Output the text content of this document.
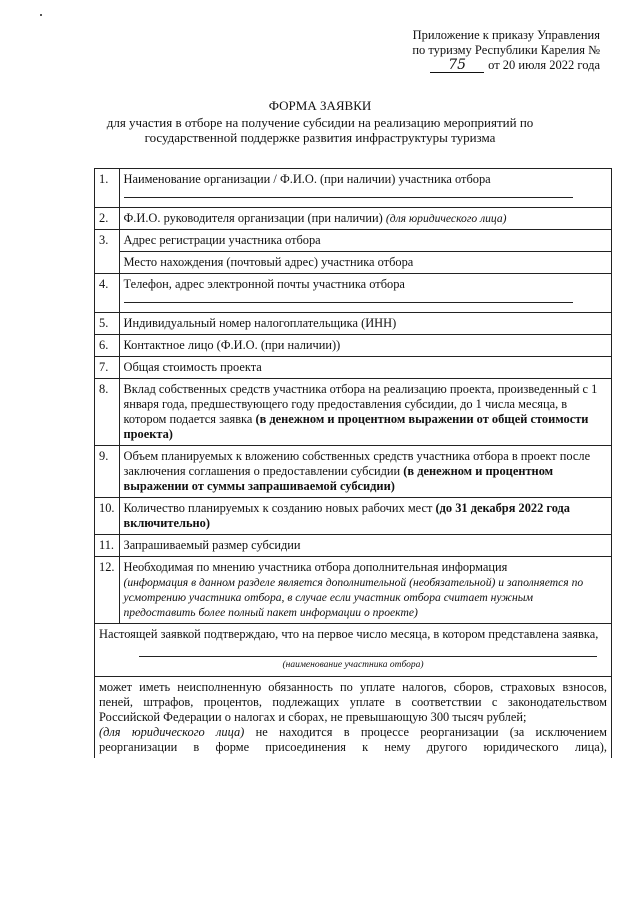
Приложение к приказу Управления
по туризму Республики Карелия №
75 от 20 июля 2022 года
ФОРМА ЗАЯВКИ
для участия в отборе на получение субсидии на реализацию мероприятий по государственной поддержке развития инфраструктуры туризма
1.	Наименование организации / Ф.И.О. (при наличии) участника отбора

2.	Ф.И.О. руководителя организации (при наличии) (для юридического лица)
3.	Адрес регистрации участника отбора
	Место нахождения (почтовый адрес) участника отбора
4.	Телефон, адрес электронной почты участника отбора

5.	Индивидуальный номер налогоплательщика (ИНН)
6.	Контактное лицо (Ф.И.О. (при наличии))
7.	Общая стоимость проекта
8.	Вклад собственных средств участника отбора на реализацию проекта, произведенный с 1 января года, предшествующего году предоставления субсидии, до 1 числа месяца, в котором подается заявка (в денежном и процентном выражении от общей стоимости проекта)
9.	Объем планируемых к вложению собственных средств участника отбора в проект после заключения соглашения о предоставлении субсидии (в денежном и процентном выражении от суммы запрашиваемой субсидии)
10.	Количество планируемых к созданию новых рабочих мест (до 31 декабря 2022 года включительно)
11.	Запрашиваемый размер субсидии
12.	Необходимая по мнению участника отбора дополнительная информация
(информация в данном разделе является дополнительной (необязательной) и заполняется по усмотрению участника отбора, в случае если участник отбора считает нужным предоставить более полный пакет информации о проекте)

Настоящей заявкой подтверждаю, что на первое число месяца, в котором представлена заявка,
(наименование участника отбора)	

может иметь неисполненную обязанность по уплате налогов, сборов, страховых взносов, пеней, штрафов, процентов, подлежащих уплате в соответствии с законодательством Российской Федерации о налогах и сборах, не превышающую 300 тысяч рублей;
(для юридического лица) не находится в процессе реорганизации (за исключением реорганизации в форме присоединения к нему другого юридического лица),	
